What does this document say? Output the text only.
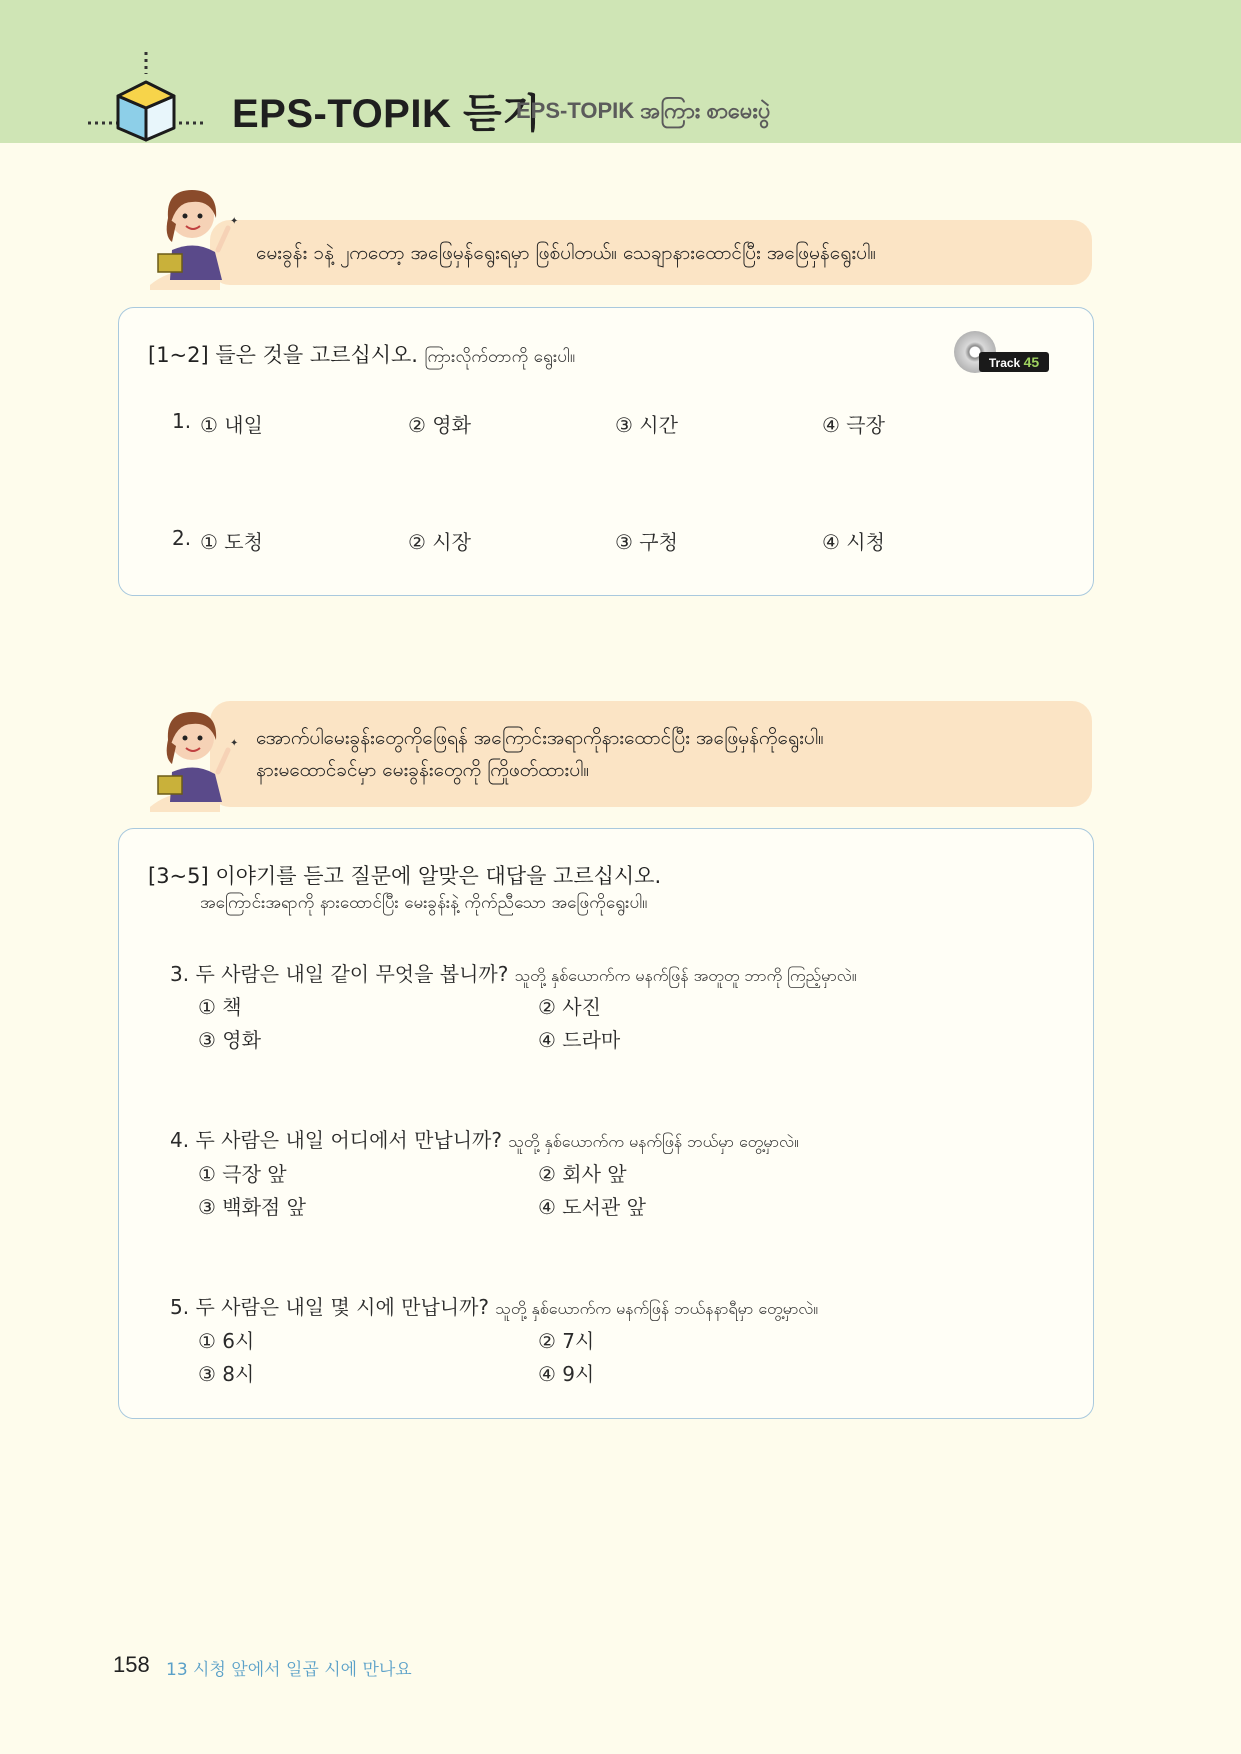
EPS-TOPIK 듣기
EPS-TOPIK အကြား စာမေးပွဲ
မေးခွန်း ၁နဲ့ ၂ကတော့ အဖြေမှန်ရွေးရမှာ ဖြစ်ပါတယ်။ သေချာနားထောင်ပြီး အဖြေမှန်ရွေးပါ။
✦
[1~2] 들은 것을 고르십시오. ကြားလိုက်တာကို ရွေးပါ။	Track 45
1. ① 내일	② 영화	③ 시간	④ 극장
2. ① 도청	② 시장	③ 구청	④ 시청
အောက်ပါမေးခွန်းတွေကိုဖြေရန် အကြောင်းအရာကိုနားထောင်ပြီး အဖြေမှန်ကိုရွေးပါ။
နားမထောင်ခင်မှာ မေးခွန်းတွေကို ကြိုဖတ်ထားပါ။
✦
[3~5] 이야기를 듣고 질문에 알맞은 대답을 고르십시오.
အကြောင်းအရာကို နားထောင်ပြီး မေးခွန်းနဲ့ ကိုက်ညီသော အဖြေကိုရွေးပါ။
3. 두 사람은 내일 같이 무엇을 봅니까? သူတို့ နှစ်ယောက်က မနက်ဖြန် အတူတူ ဘာကို ကြည့်မှာလဲ။
① 책	② 사진
③ 영화	④ 드라마
4. 두 사람은 내일 어디에서 만납니까? သူတို့ နှစ်ယောက်က မနက်ဖြန် ဘယ်မှာ တွေ့မှာလဲ။
① 극장 앞	② 회사 앞
③ 백화점 앞	④ 도서관 앞
5. 두 사람은 내일 몇 시에 만납니까? သူတို့ နှစ်ယောက်က မနက်ဖြန် ဘယ်နနာရီမှာ တွေ့မှာလဲ။
① 6시	② 7시
③ 8시	④ 9시
158 13 시청 앞에서 일곱 시에 만나요
